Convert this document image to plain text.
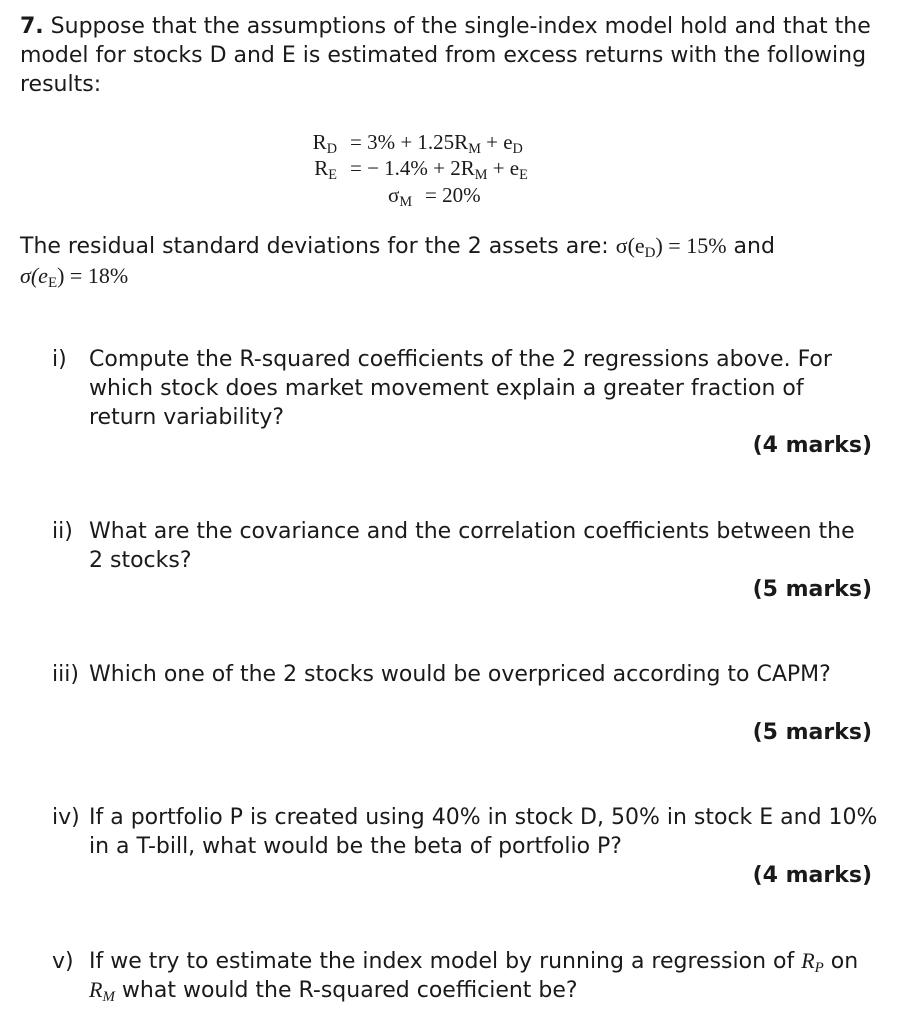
7. Suppose that the assumptions of the single-index model hold and that the
model for stocks D and E is estimated from excess returns with the following
results:
RD = 3% + 1.25RM + eD
RE = − 1.4% + 2RM + eE
σM = 20%
The residual standard deviations for the 2 assets are: σ(eD) = 15% and
σ(eE) = 18%
i) Compute the R-squared coefficients of the 2 regressions above. For
which stock does market movement explain a greater fraction of
return variability?
(4 marks)
ii) What are the covariance and the correlation coefficients between the
2 stocks?
(5 marks)
iii) Which one of the 2 stocks would be overpriced according to CAPM?
(5 marks)
iv) If a portfolio P is created using 40% in stock D, 50% in stock E and 10%
in a T-bill, what would be the beta of portfolio P?
(4 marks)
v) If we try to estimate the index model by running a regression of RP on
RM what would the R-squared coefficient be?
